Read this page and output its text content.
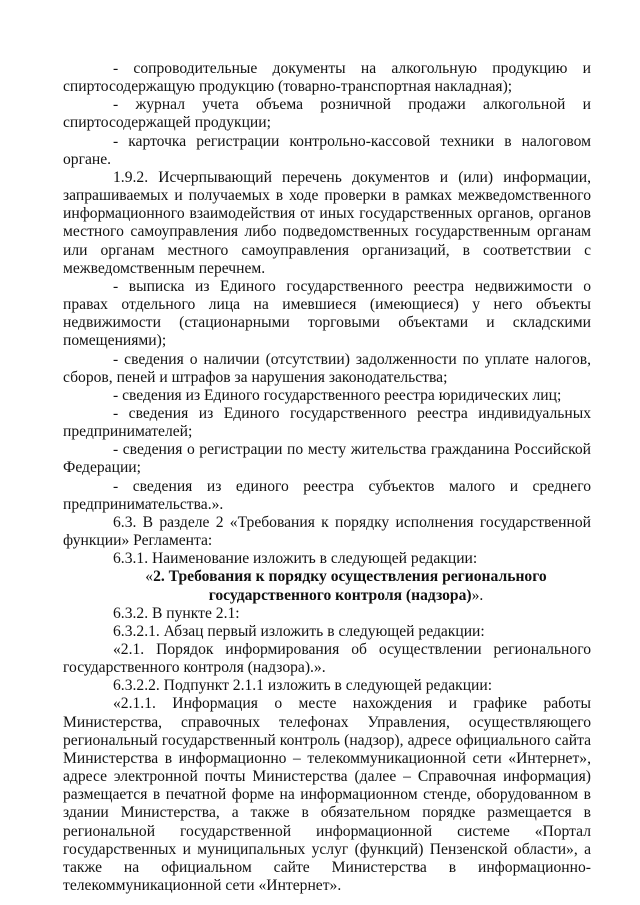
- сопроводительные документы на алкогольную продукцию и спиртосодержащую продукцию (товарно-транспортная накладная);

- журнал учета объема розничной продажи алкогольной и спиртосодержащей продукции;

- карточка регистрации контрольно-кассовой техники в налоговом органе.

1.9.2. Исчерпывающий перечень документов и (или) информации, запрашиваемых и получаемых в ходе проверки в рамках межведомственного информационного взаимодействия от иных государственных органов, органов местного самоуправления либо подведомственных государственным органам или органам местного самоуправления организаций, в соответствии с межведомственным перечнем.

- выписка из Единого государственного реестра недвижимости о правах отдельного лица на имевшиеся (имеющиеся) у него объекты недвижимости (стационарными торговыми объектами и складскими помещениями);

- сведения о наличии (отсутствии) задолженности по уплате налогов, сборов, пеней и штрафов за нарушения законодательства;

- сведения из Единого государственного реестра юридических лиц;

- сведения из Единого государственного реестра индивидуальных предпринимателей;

- сведения о регистрации по месту жительства гражданина Российской Федерации;

- сведения из единого реестра субъектов малого и среднего предпринимательства.».

6.3. В разделе 2 «Требования к порядку исполнения государственной функции» Регламента:

6.3.1. Наименование изложить в следующей редакции:

«2. Требования к порядку осуществления регионального государственного контроля (надзора)».

6.3.2. В пункте 2.1:

6.3.2.1. Абзац первый изложить в следующей редакции:

«2.1. Порядок информирования об осуществлении регионального государственного контроля (надзора).».

6.3.2.2. Подпункт 2.1.1 изложить в следующей редакции:

«2.1.1. Информация о месте нахождения и графике работы Министерства, справочных телефонах Управления, осуществляющего региональный государственный контроль (надзор), адресе официального сайта Министерства в информационно – телекоммуникационной сети «Интернет», адресе электронной почты Министерства (далее – Справочная информация) размещается в печатной форме на информационном стенде, оборудованном в здании Министерства, а также в обязательном порядке размещается в региональной государственной информационной системе «Портал государственных и муниципальных услуг (функций) Пензенской области», а также на официальном сайте Министерства в информационно-телекоммуникационной сети «Интернет».
